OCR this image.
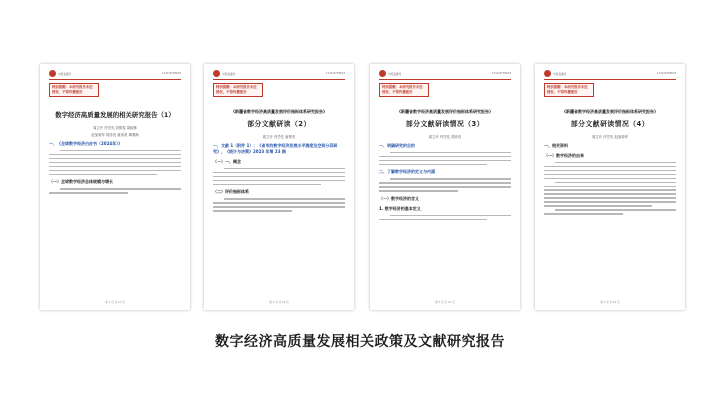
中国基建网	1722-8778633
特别提醒：本研究报告未经授权，不得传播使用
数字经济高质量发展的相关研究报告（1）
周立开 许岱先 刘倩雯 周振林
赵加菊军 胡彦亮 唐寿美 谭勇海
一、《全球数字经济白皮书（2024年）》
（一）全球数字经济总体规模与增长
第 1 页 共 10 页
中国基建网	1722-8778633
特别提醒：本研究报告未经授权，不得传播使用
《新疆省数字经济高质量发展评价指标体系研究报告》
部分文献研读（2）
周立开 许岱先 唐厚杰
一、文献 1（附件 1）：《省市的数字经济发展水平测度及空间分异研究》，《统计与决策》2023 年第 23 期
（一）一、概念
（二）评价指标体系
第 2 页 共 10 页
中国基建网	1722-8778633
特别提醒：本研究报告未经授权，不得传播使用
《新疆省数字经济高质量发展评价指标体系研究报告》
部分文献研读情况（3）
周立开 许岱先 胡彦亮
一、明确研究的目的
二、了解数字经济的定义与内涵
（一）数字经济的含义
1. 数字经济的基本定义
第 3 页 共 10 页
中国基建网	1722-8778633
特别提醒：本研究报告未经授权，不得传播使用
《新疆省数字经济高质量发展评价指标体系研究报告》
部分文献研读情况（4）
周立开 许岱先 赵加菊军
一、相关资料
（一）数字经济的由来
第 4 页 共 10 页
数字经济高质量发展相关政策及文献研究报告
